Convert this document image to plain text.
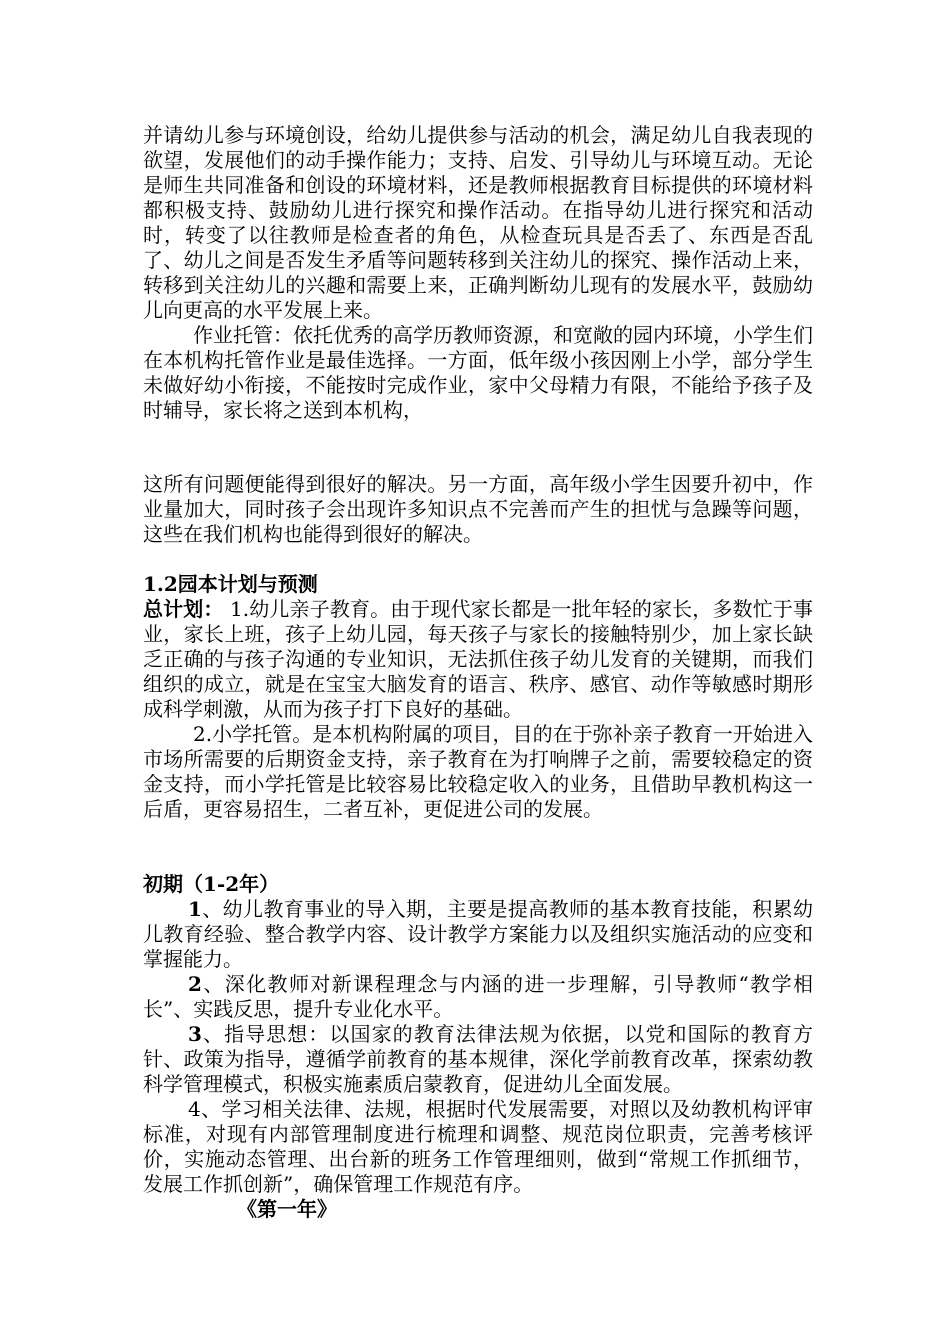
并请幼儿参与环境创设，给幼儿提供参与活动的机会，满足幼儿自我表现的欲望，发展他们的动手操作能力；支持、启发、引导幼儿与环境互动。无论是师生共同准备和创设的环境材料，还是教师根据教育目标提供的环境材料都积极支持、鼓励幼儿进行探究和操作活动。在指导幼儿进行探究和活动时，转变了以往教师是检查者的角色，从检查玩具是否丢了、东西是否乱了、幼儿之间是否发生矛盾等问题转移到关注幼儿的探究、操作活动上来，转移到关注幼儿的兴趣和需要上来，正确判断幼儿现有的发展水平，鼓励幼儿向更高的水平发展上来。

作业托管：依托优秀的高学历教师资源，和宽敞的园内环境，小学生们在本机构托管作业是最佳选择。一方面，低年级小孩因刚上小学，部分学生未做好幼小衔接，不能按时完成作业，家中父母精力有限，不能给予孩子及时辅导，家长将之送到本机构，

这所有问题便能得到很好的解决。另一方面，高年级小学生因要升初中，作业量加大，同时孩子会出现许多知识点不完善而产生的担忧与急躁等问题，这些在我们机构也能得到很好的解决。

1.2园本计划与预测

总计划： 1.幼儿亲子教育。由于现代家长都是一批年轻的家长，多数忙于事业，家长上班，孩子上幼儿园，每天孩子与家长的接触特别少，加上家长缺乏正确的与孩子沟通的专业知识，无法抓住孩子幼儿发育的关键期，而我们组织的成立，就是在宝宝大脑发育的语言、秩序、感官、动作等敏感时期形成科学刺激，从而为孩子打下良好的基础。

2.小学托管。是本机构附属的项目，目的在于弥补亲子教育一开始进入市场所需要的后期资金支持，亲子教育在为打响牌子之前，需要较稳定的资金支持，而小学托管是比较容易比较稳定收入的业务，且借助早教机构这一后盾，更容易招生，二者互补，更促进公司的发展。

初期（1-2年）

1、幼儿教育事业的导入期，主要是提高教师的基本教育技能，积累幼儿教育经验、整合教学内容、设计教学方案能力以及组织实施活动的应变和掌握能力。

2、深化教师对新课程理念与内涵的进一步理解，引导教师“教学相长”、实践反思，提升专业化水平。

3、指导思想：以国家的教育法律法规为依据，以党和国际的教育方针、政策为指导，遵循学前教育的基本规律，深化学前教育改革，探索幼教科学管理模式，积极实施素质启蒙教育，促进幼儿全面发展。

4、学习相关法律、法规，根据时代发展需要，对照以及幼教机构评审标准，对现有内部管理制度进行梳理和调整、规范岗位职责，完善考核评价，实施动态管理、出台新的班务工作管理细则，做到“常规工作抓细节，发展工作抓创新”，确保管理工作规范有序。

《第一年》
